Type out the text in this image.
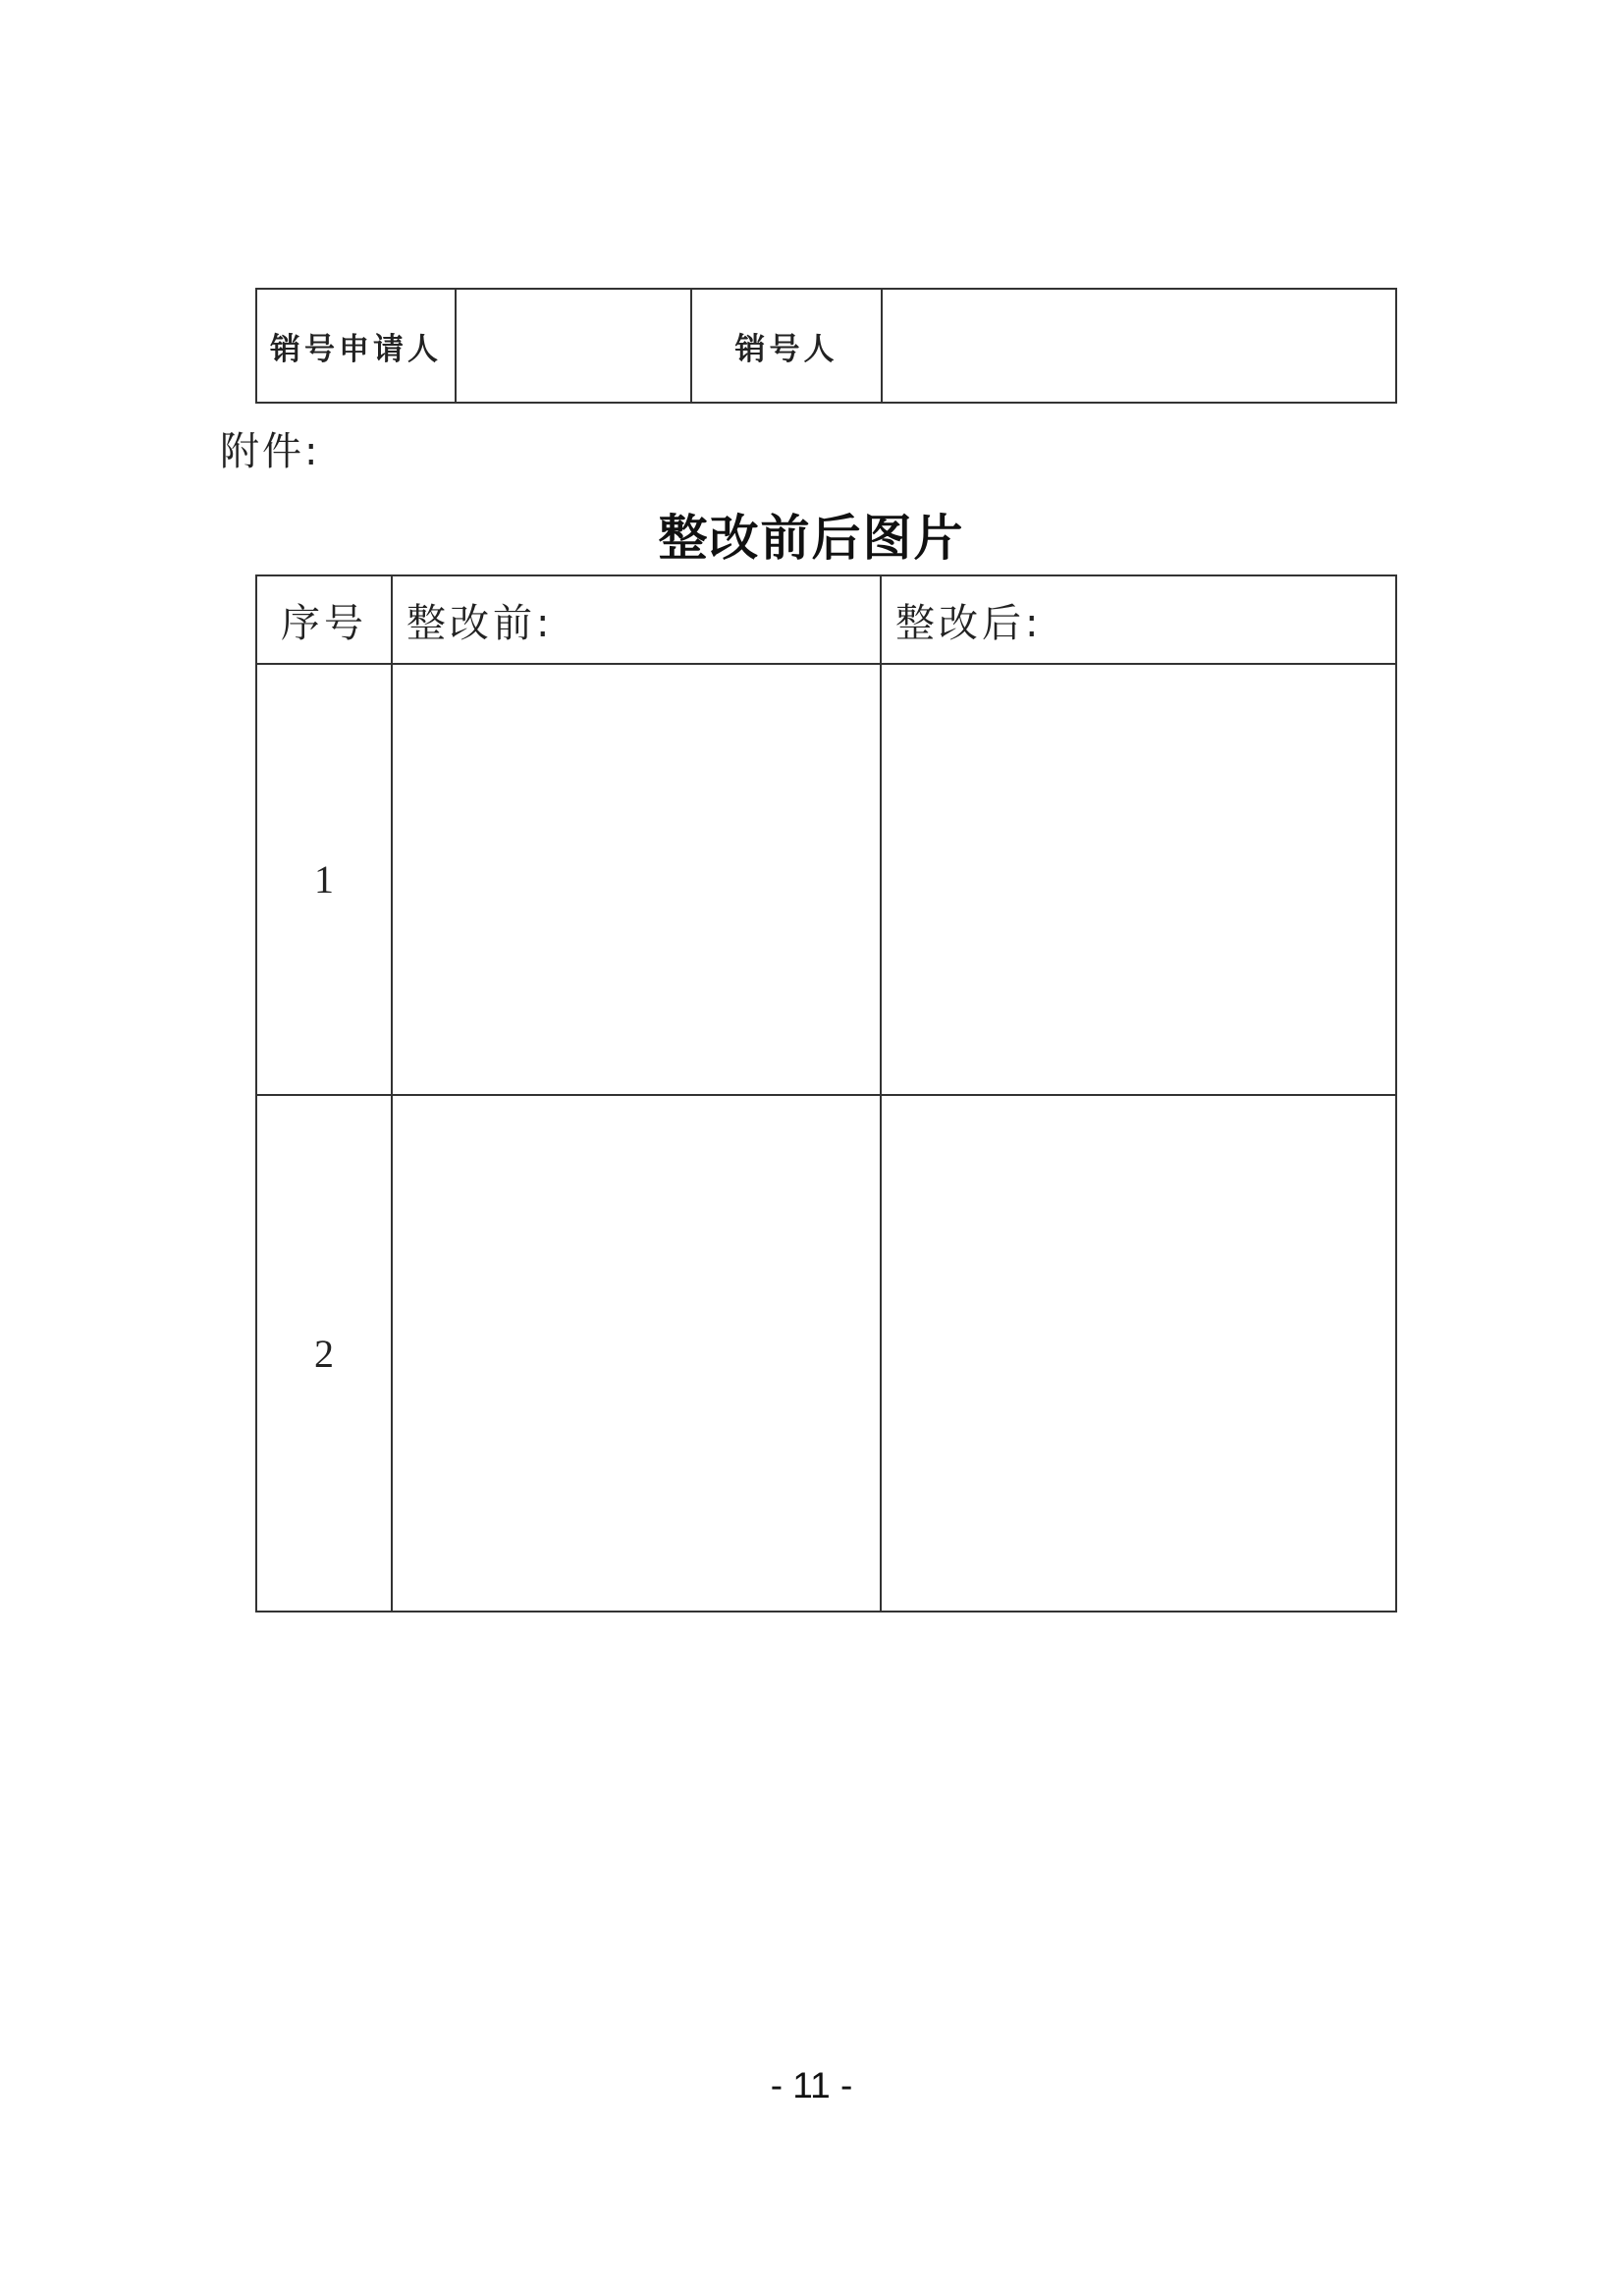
销号申请人		销号人	
附件:
整改前后图片
序号	整改前:	整改后:
1		
2		
- 11 -
